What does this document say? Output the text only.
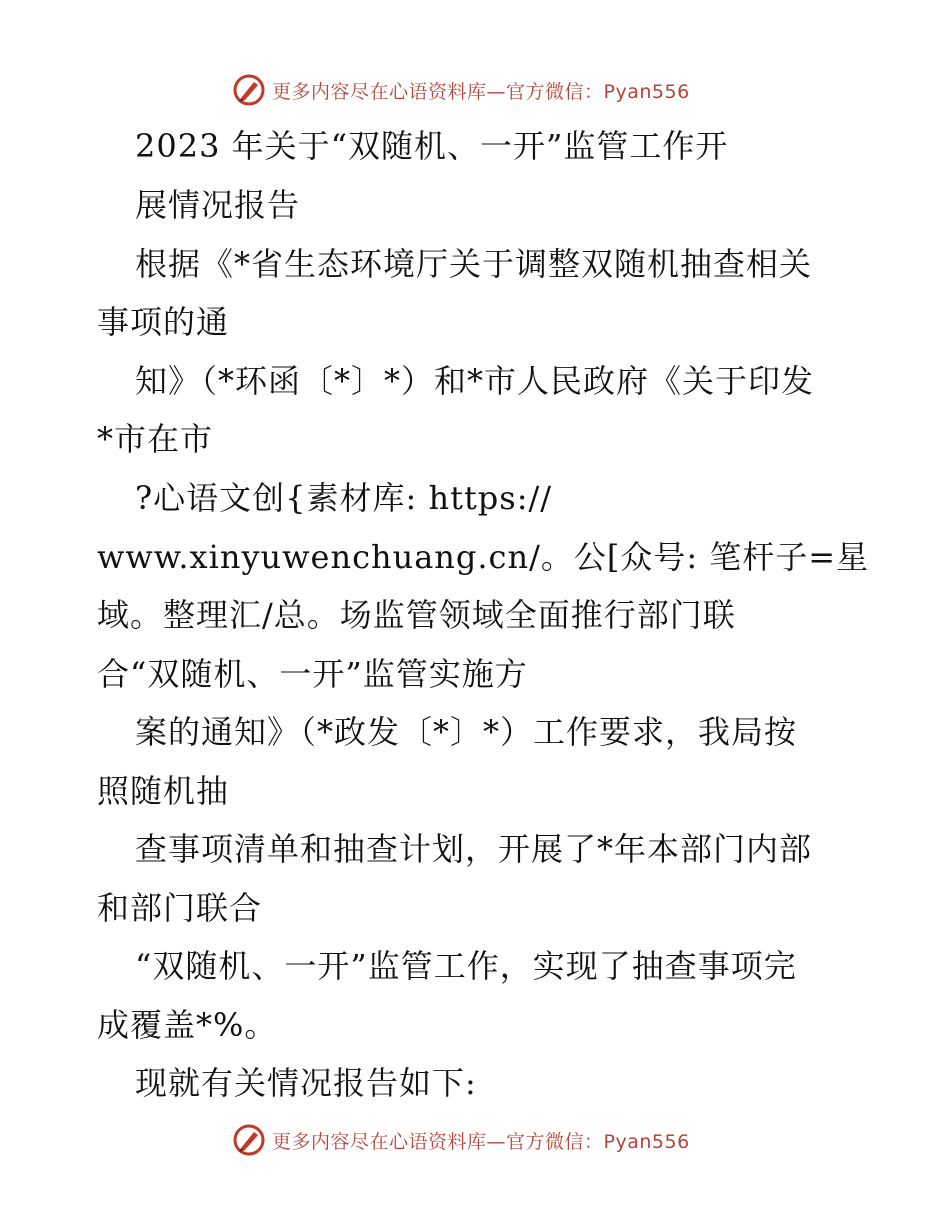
更多内容尽在心语资料库—官方微信：Pyan556
2023 年关于“双随机、一开”监管工作开
展情况报告
根据《*省生态环境厅关于调整双随机抽查相关
事项的通
知》（*环函〔*〕*）和*市人民政府《关于印发
*市在市
?心语文创{素材库: https://
www.xinyuwenchuang.cn/。公[众号: 笔杆子=星
域。整理汇/总。场监管领域全面推行部门联
合“双随机、一开”监管实施方
案的通知》（*政发〔*〕*）工作要求，我局按
照随机抽
查事项清单和抽查计划，开展了*年本部门内部
和部门联合
“双随机、一开”监管工作，实现了抽查事项完
成覆盖*%。
现就有关情况报告如下:
更多内容尽在心语资料库—官方微信：Pyan556
